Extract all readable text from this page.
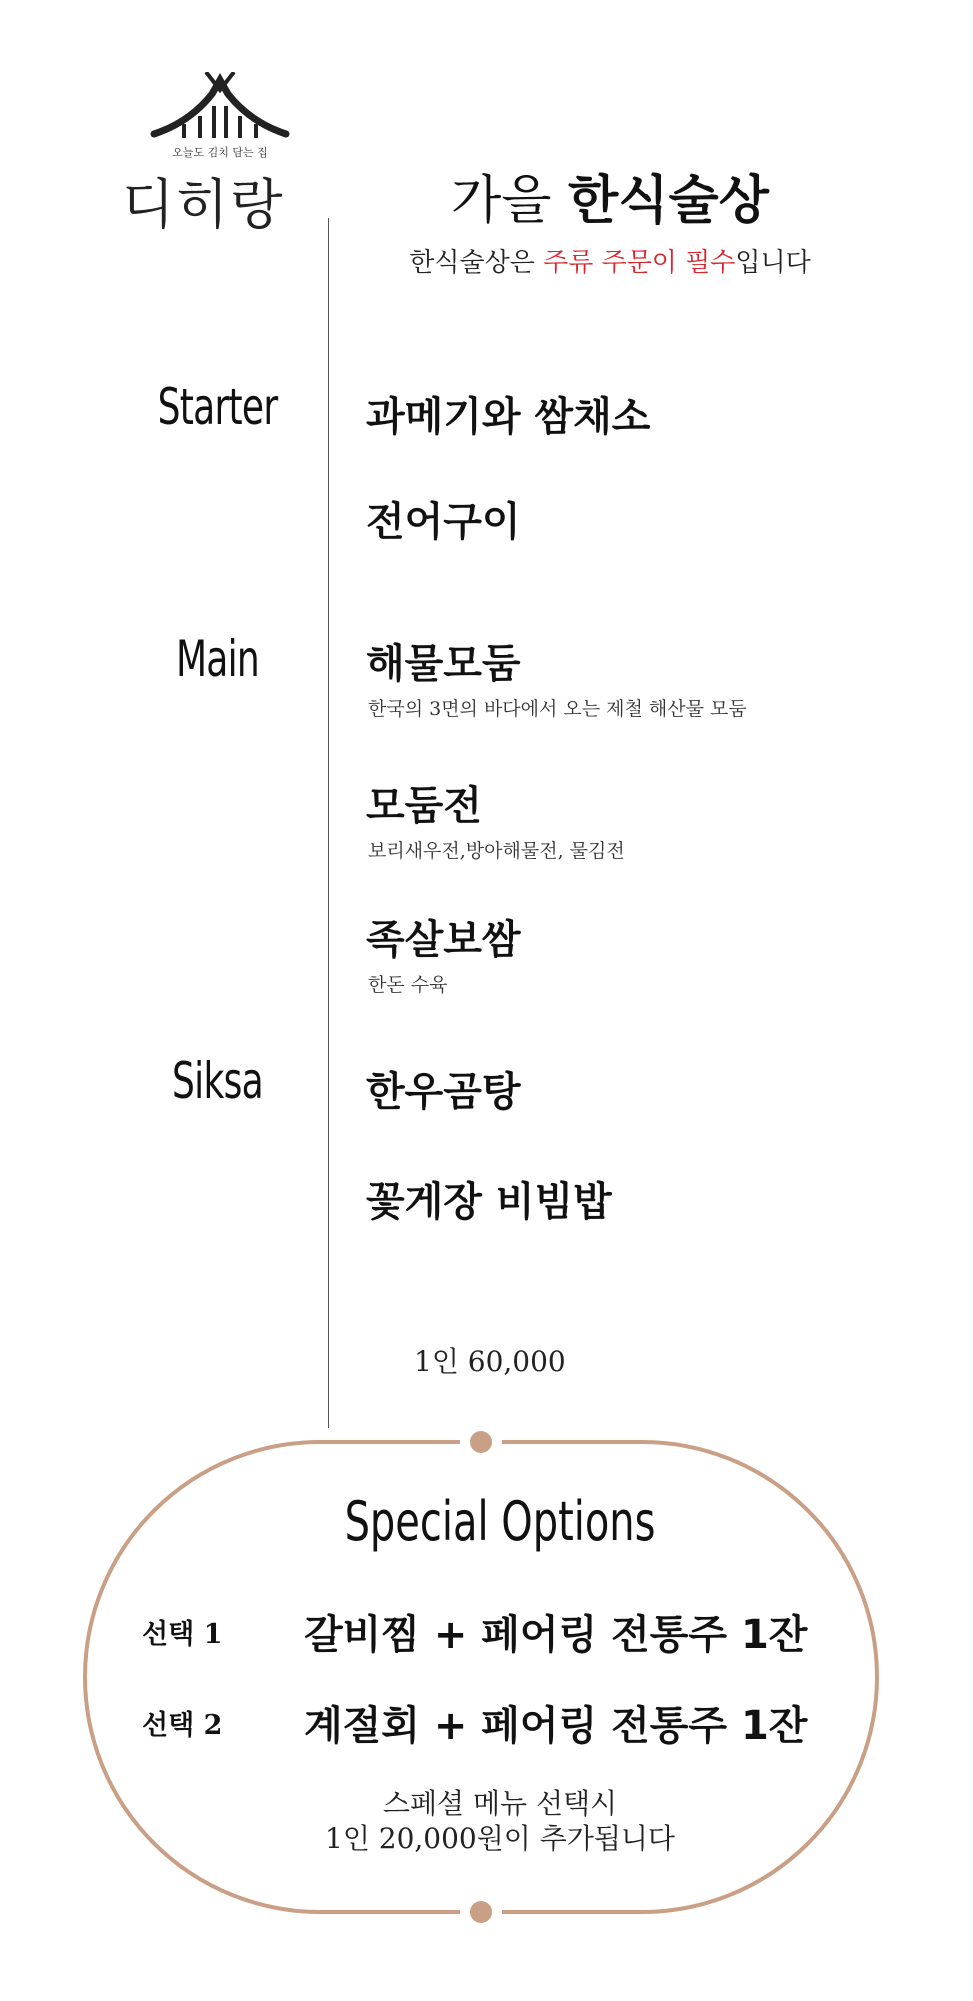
오늘도 김치 담는 집
디히랑	가을 한식술상
한식술상은 주류 주문이 필수입니다
Starter
Main
Siksa
과메기와 쌈채소
전어구이
해물모둠
한국의 3면의 바다에서 오는 제철 해산물 모둠
모둠전
보리새우전,방아해물전, 물김전
족살보쌈
한돈 수육
한우곰탕
꽃게장 비빔밥
1인 60,000
Special Options
선택 1 갈비찜 + 페어링 전통주 1잔
선택 2 계절회 + 페어링 전통주 1잔
스페셜 메뉴 선택시
1인 20,000원이 추가됩니다
